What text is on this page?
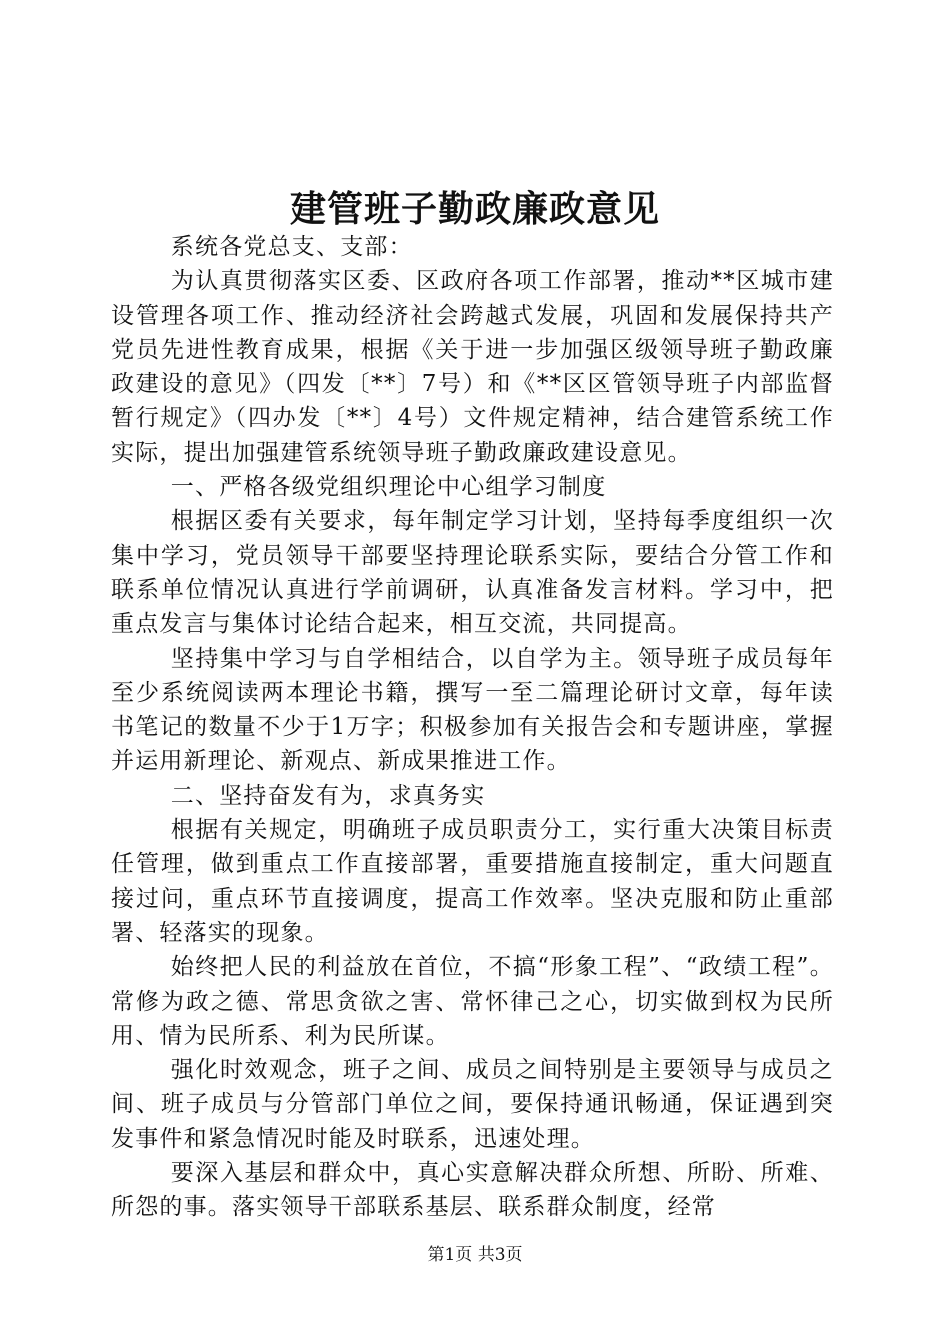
建管班子勤政廉政意见

系统各党总支、支部：

为认真贯彻落实区委、区政府各项工作部署，推动**区城市建设管理各项工作、推动经济社会跨越式发展，巩固和发展保持共产党员先进性教育成果，根据《关于进一步加强区级领导班子勤政廉政建设的意见》（四发〔**〕7号）和《**区区管领导班子内部监督暂行规定》（四办发〔**〕4号）文件规定精神，结合建管系统工作实际，提出加强建管系统领导班子勤政廉政建设意见。

一、严格各级党组织理论中心组学习制度

根据区委有关要求，每年制定学习计划，坚持每季度组织一次集中学习，党员领导干部要坚持理论联系实际，要结合分管工作和联系单位情况认真进行学前调研，认真准备发言材料。学习中，把重点发言与集体讨论结合起来，相互交流，共同提高。

坚持集中学习与自学相结合，以自学为主。领导班子成员每年至少系统阅读两本理论书籍，撰写一至二篇理论研讨文章，每年读书笔记的数量不少于1万字；积极参加有关报告会和专题讲座，掌握并运用新理论、新观点、新成果推进工作。

二、坚持奋发有为，求真务实

根据有关规定，明确班子成员职责分工，实行重大决策目标责任管理，做到重点工作直接部署，重要措施直接制定，重大问题直接过问，重点环节直接调度，提高工作效率。坚决克服和防止重部署、轻落实的现象。

始终把人民的利益放在首位，不搞“形象工程”、“政绩工程”。常修为政之德、常思贪欲之害、常怀律己之心，切实做到权为民所用、情为民所系、利为民所谋。

强化时效观念，班子之间、成员之间特别是主要领导与成员之间、班子成员与分管部门单位之间，要保持通讯畅通，保证遇到突发事件和紧急情况时能及时联系，迅速处理。

要深入基层和群众中，真心实意解决群众所想、所盼、所难、所怨的事。落实领导干部联系基层、联系群众制度，经常

第1页 共3页
